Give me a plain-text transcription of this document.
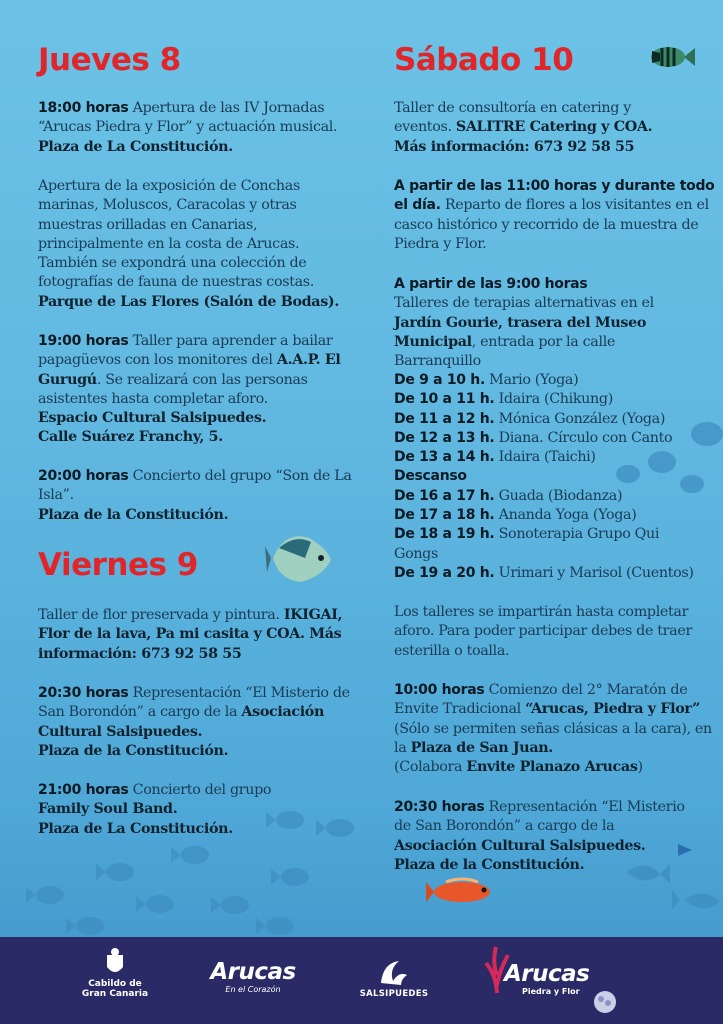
Jueves 8
18:00 horas Apertura de las IV Jornadas “Arucas Piedra y Flor” y actuación musical. Plaza de La Constitución.
Apertura de la exposición de Conchas marinas, Moluscos, Caracolas y otras muestras orilladas en Canarias, principalmente en la costa de Arucas. También se expondrá una colección de fotografías de fauna de nuestras costas. Parque de Las Flores (Salón de Bodas).
19:00 horas Taller para aprender a bailar papagüevos con los monitores del A.A.P. El Gurugú. Se realizará con las personas asistentes hasta completar aforo.
Espacio Cultural Salsipuedes.
Calle Suárez Franchy, 5.
20:00 horas Concierto del grupo “Son de La Isla”.
Plaza de la Constitución.
Viernes 9
Taller de flor preservada y pintura. IKIGAI, Flor de la lava, Pa mi casita y COA. Más información: 673 92 58 55
20:30 horas Representación “El Misterio de San Borondón” a cargo de la Asociación Cultural Salsipuedes.
Plaza de la Constitución.
21:00 horas Concierto del grupo
Family Soul Band.
Plaza de La Constitución.
Sábado 10
Taller de consultoría en catering y eventos. SALITRE Catering y COA. Más información: 673 92 58 55
A partir de las 11:00 horas y durante todo el día. Reparto de flores a los visitantes en el casco histórico y recorrido de la muestra de Piedra y Flor.
A partir de las 9:00 horas
Talleres de terapias alternativas en el Jardín Gourie, trasera del Museo Municipal, entrada por la calle Barranquillo
De 9 a 10 h. Mario (Yoga)
De 10 a 11 h. Idaira (Chikung)
De 11 a 12 h. Mónica González (Yoga)
De 12 a 13 h. Diana. Círculo con Canto
De 13 a 14 h. Idaira (Taichi)
Descanso
De 16 a 17 h. Guada (Biodanza)
De 17 a 18 h. Ananda Yoga (Yoga)
De 18 a 19 h. Sonoterapia Grupo Qui Gongs
De 19 a 20 h. Urimari y Marisol (Cuentos)
Los talleres se impartirán hasta completar aforo. Para poder participar debes de traer esterilla o toalla.
10:00 horas Comienzo del 2° Maratón de Envite Tradicional “Arucas, Piedra y Flor” (Sólo se permiten señas clásicas a la cara), en la Plaza de San Juan.
(Colabora Envite Planazo Arucas)
20:30 horas Representación “El Misterio de San Borondón” a cargo de la Asociación Cultural Salsipuedes.
Plaza de la Constitución.
Cabildo de
Gran Canaria
Arucas
En el Corazón	SALSIPUEDES
Arucas
Piedra y Flor
